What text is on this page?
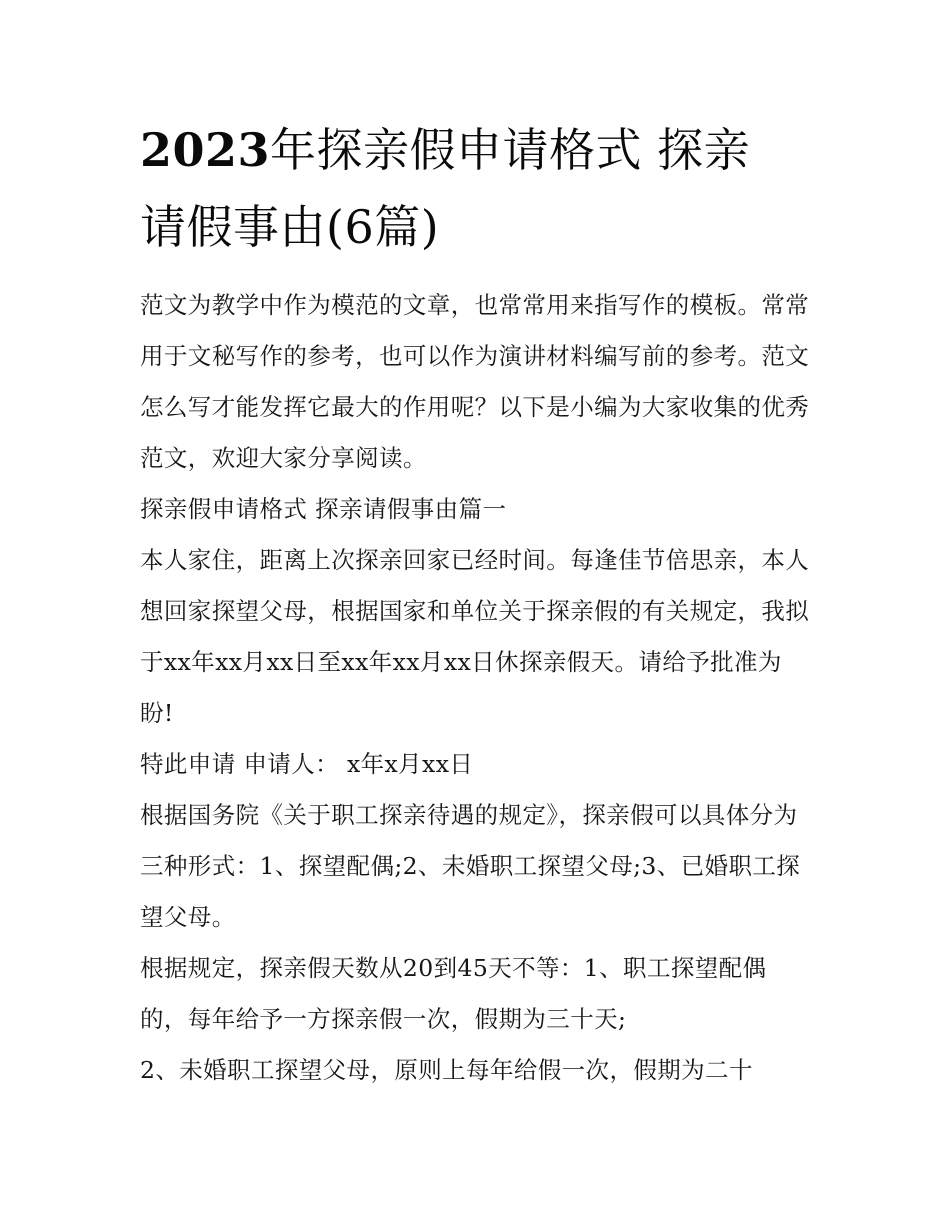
2023年探亲假申请格式 探亲
请假事由(6篇)

范文为教学中作为模范的文章，也常常用来指写作的模板。常常用于文秘写作的参考，也可以作为演讲材料编写前的参考。范文怎么写才能发挥它最大的作用呢？以下是小编为大家收集的优秀范文，欢迎大家分享阅读。

探亲假申请格式 探亲请假事由篇一

本人家住，距离上次探亲回家已经时间。每逢佳节倍思亲，本人想回家探望父母，根据国家和单位关于探亲假的有关规定，我拟于xx年xx月xx日至xx年xx月xx日休探亲假天。请给予批准为盼!

特此申请 申请人： x年x月xx日

根据国务院《关于职工探亲待遇的规定》，探亲假可以具体分为三种形式：1、探望配偶;2、未婚职工探望父母;3、已婚职工探望父母。

根据规定，探亲假天数从20到45天不等：1、职工探望配偶的，每年给予一方探亲假一次，假期为三十天;

2、未婚职工探望父母，原则上每年给假一次，假期为二十
